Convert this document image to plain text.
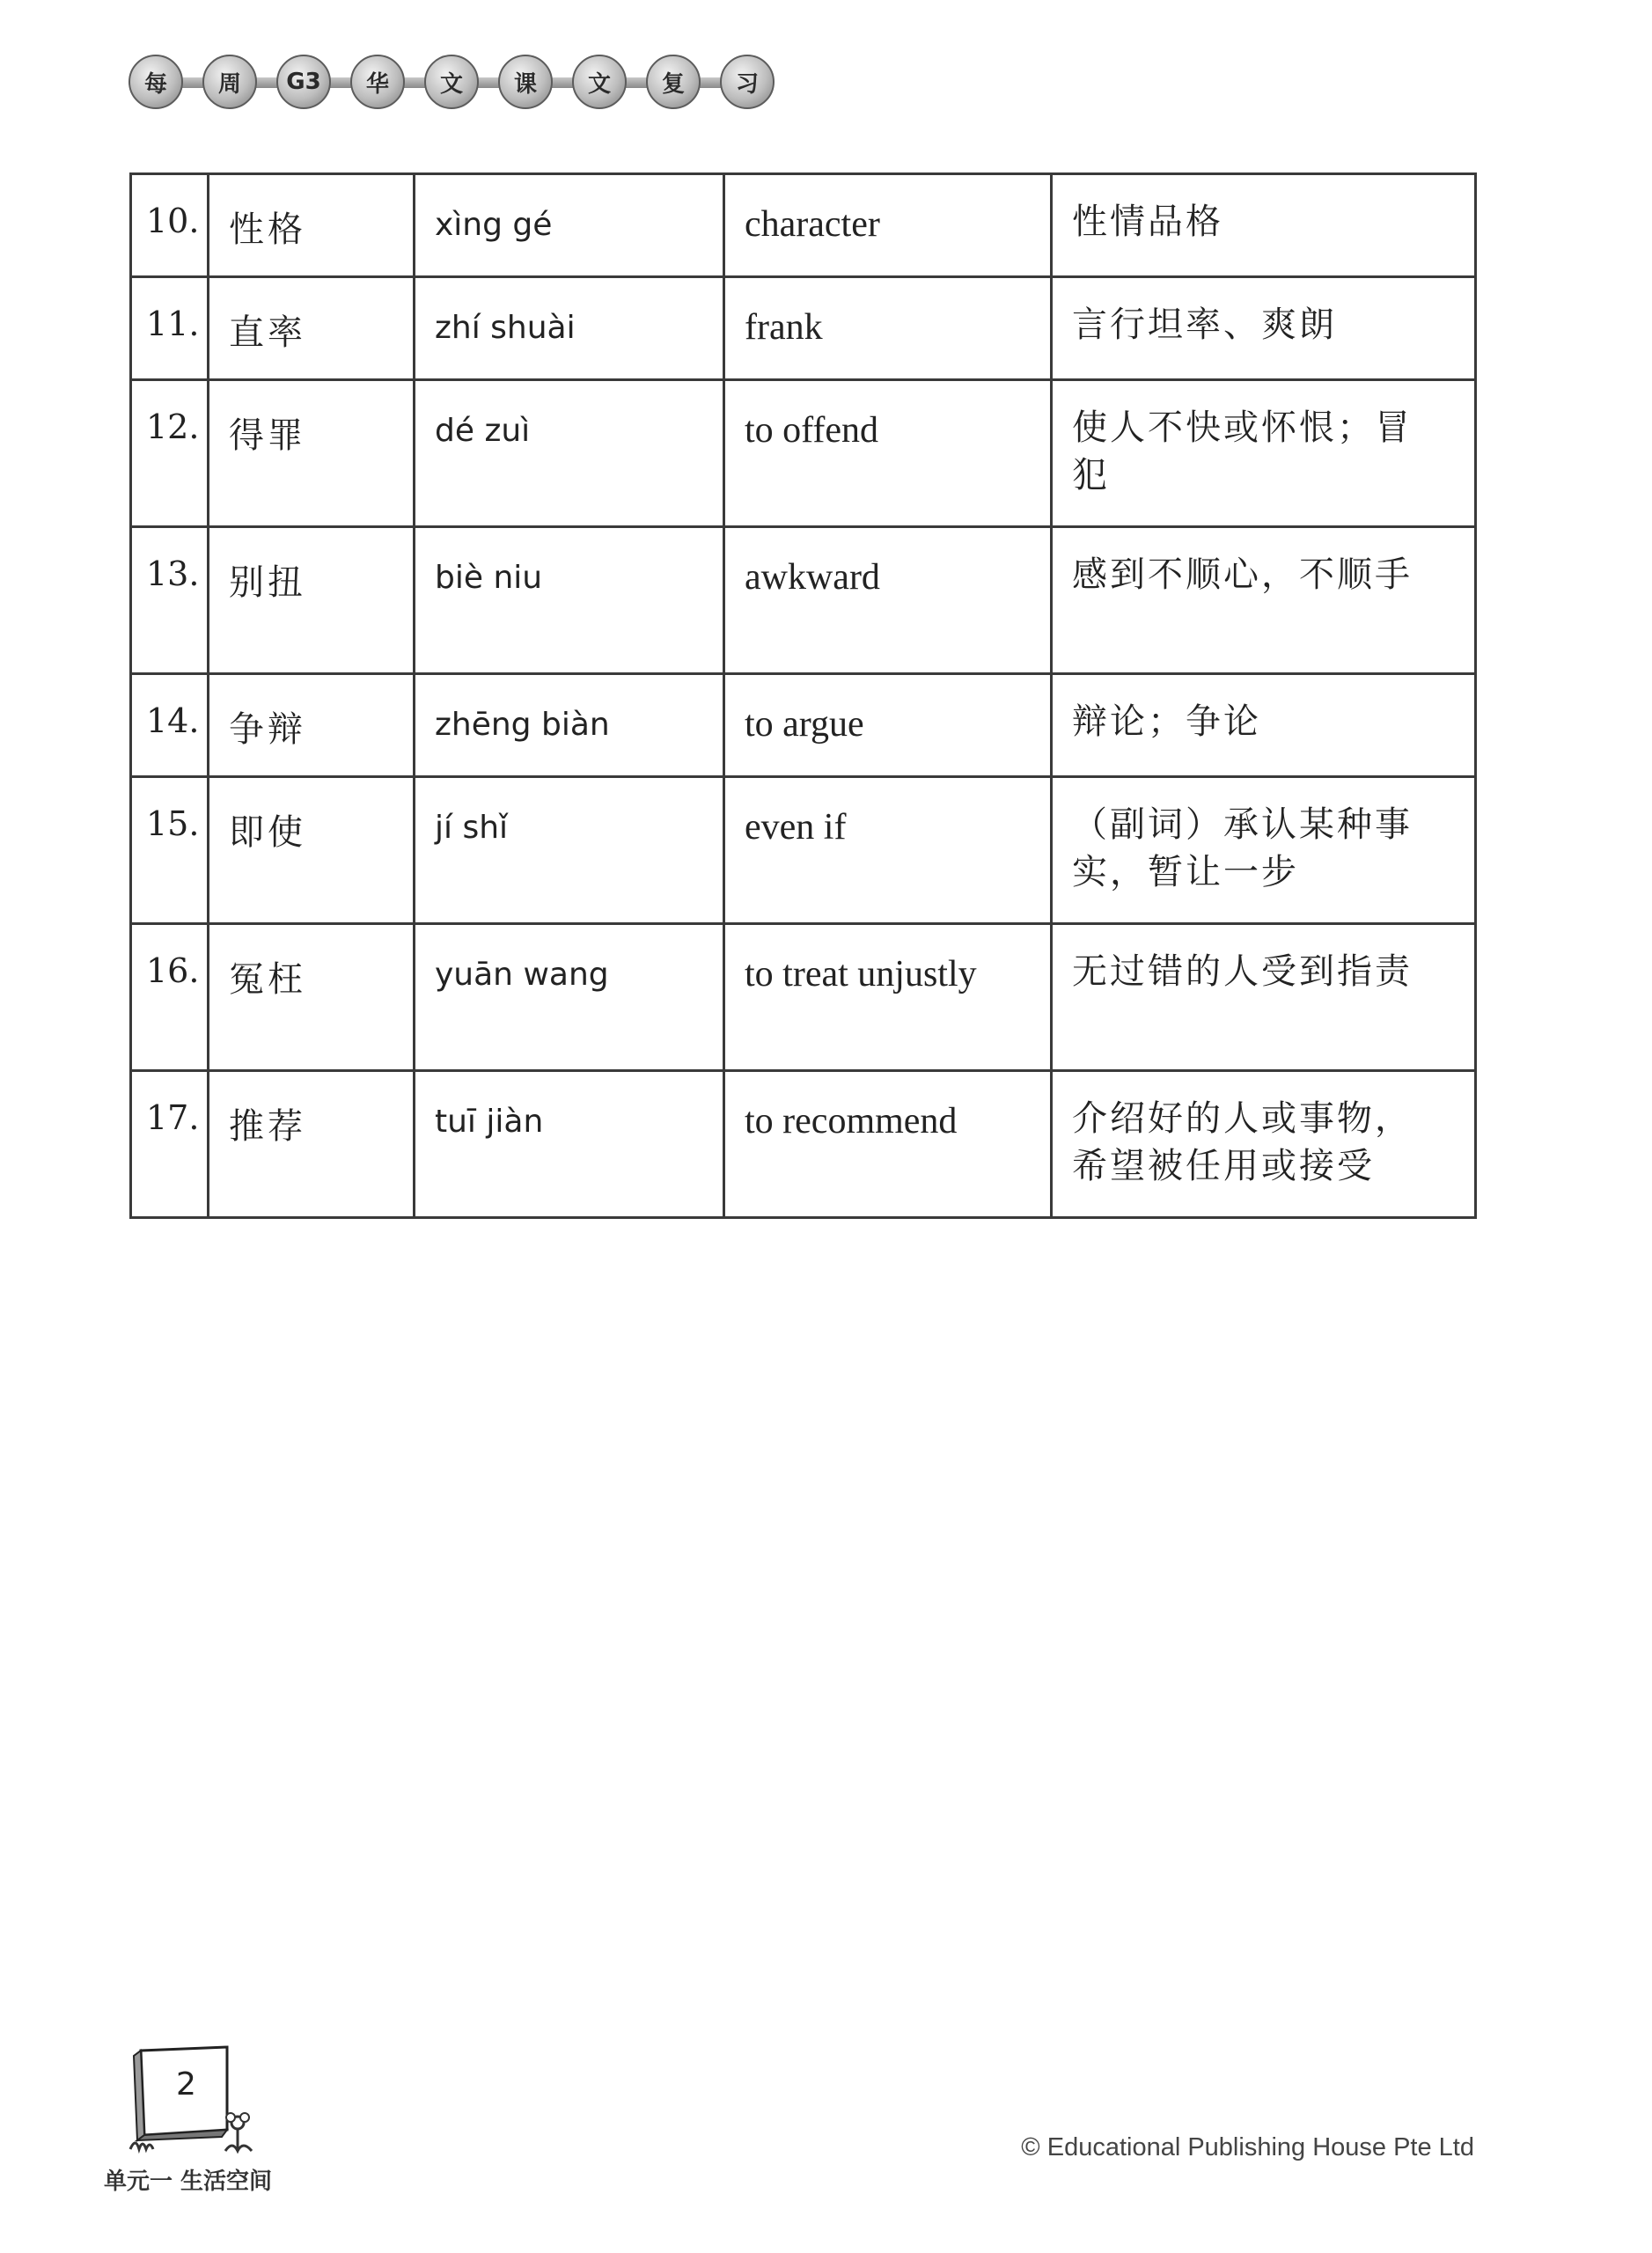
每	周	G3	华	文	课	文	复	习
10.	性格	xìng gé	character	性情品格
11.	直率	zhí shuài	frank	言行坦率、爽朗
12.	得罪	dé zuì	to offend	使人不快或怀恨；冒犯
13.	别扭	biè niu	awkward	感到不顺心，不顺手
14.	争辩	zhēng biàn	to argue	辩论；争论
15.	即使	jí shǐ	even if	（副词）承认某种事实，暂让一步
16.	冤枉	yuān wang	to treat unjustly	无过错的人受到指责
17.	推荐	tuī jiàn	to recommend	介绍好的人或事物，希望被任用或接受
2
单元一 生活空间
© Educational Publishing House Pte Ltd
